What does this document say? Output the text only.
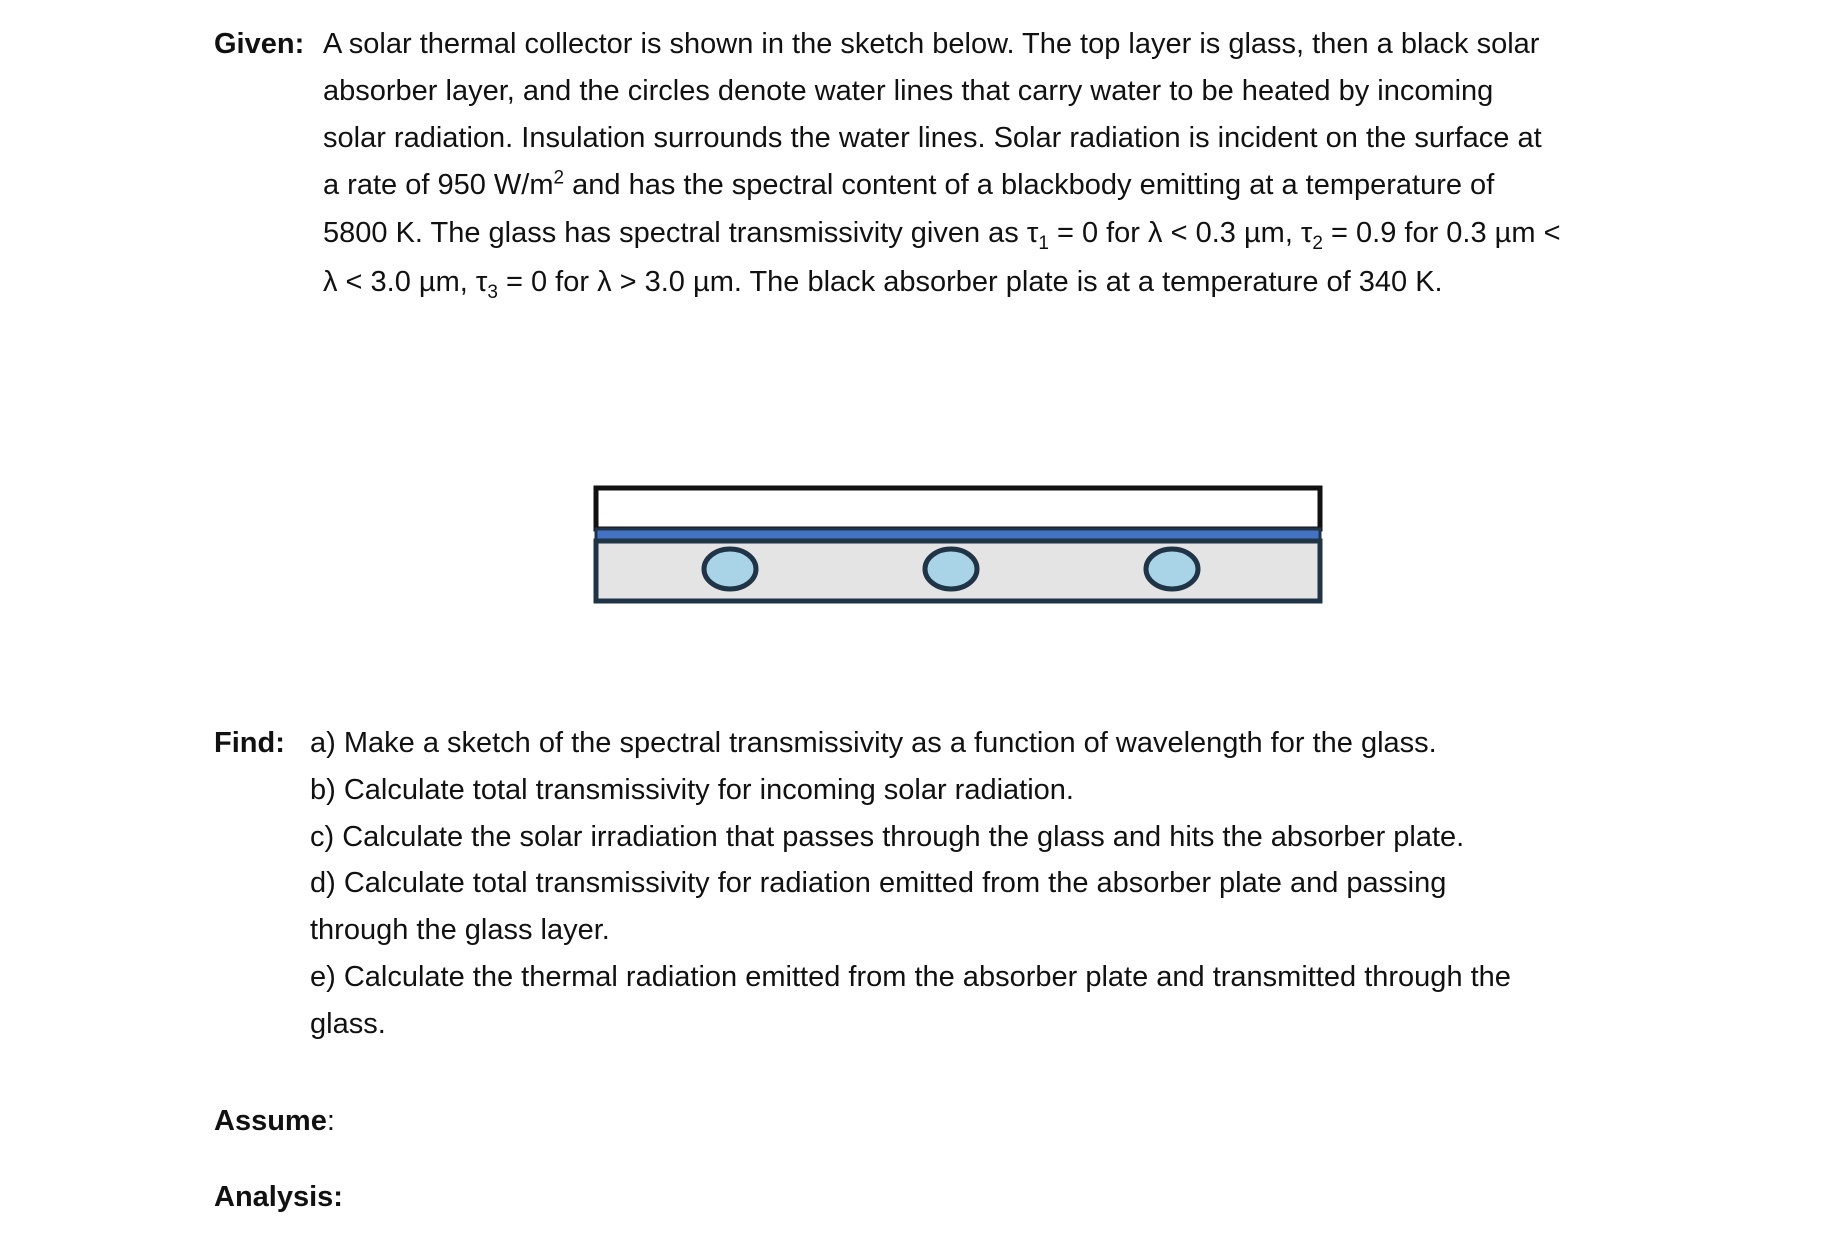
Given: A solar thermal collector is shown in the sketch below. The top layer is glass, then a black solar
absorber layer, and the circles denote water lines that carry water to be heated by incoming
solar radiation. Insulation surrounds the water lines. Solar radiation is incident on the surface at
a rate of 950 $W/m^2$ and has the spectral content of a blackbody emitting at a temperature of
5800 K. The glass has spectral transmissivity given as $\tau_1 = 0$ for λ < 0.3 µm, $\tau_2 = 0.9$ for 0.3 µm <
λ < 3.0 µm, $\tau_3 = 0$ for λ > 3.0 µm. The black absorber plate is at a temperature of 340 K.
Find: a) Make a sketch of the spectral transmissivity as a function of wavelength for the glass.
b) Calculate total transmissivity for incoming solar radiation.
c) Calculate the solar irradiation that passes through the glass and hits the absorber plate.
d) Calculate total transmissivity for radiation emitted from the absorber plate and passing
through the glass layer.
e) Calculate the thermal radiation emitted from the absorber plate and transmitted through the
glass.
Assume:
Analysis:
